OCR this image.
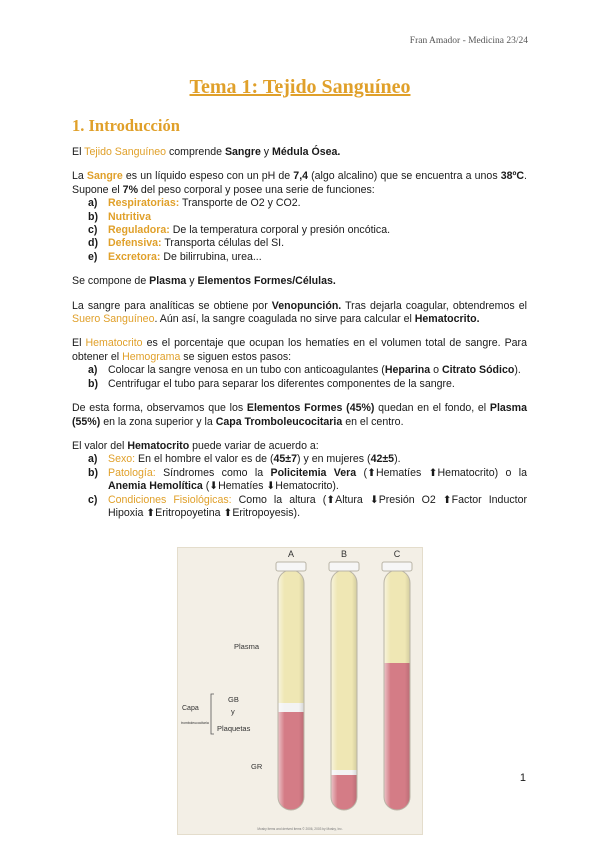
Fran Amador - Medicina 23/24
Tema 1: Tejido Sanguíneo
1. Introducción

El Tejido Sanguíneo comprende Sangre y Médula Ósea.

La Sangre es un líquido espeso con un pH de 7,4 (algo alcalino) que se encuentra a unos 38ºC. Supone el 7% del peso corporal y posee una serie de funciones:

a) Respiratorias: Transporte de O2 y CO2.
b) Nutritiva
c) Reguladora: De la temperatura corporal y presión oncótica.
d) Defensiva: Transporta células del SI.
e) Excretora: De bilirrubina, urea...

Se compone de Plasma y Elementos Formes/Células.

La sangre para analíticas se obtiene por Venopunción. Tras dejarla coagular, obtendremos el Suero Sanguíneo. Aún así, la sangre coagulada no sirve para calcular el Hematocrito.

El Hematocrito es el porcentaje que ocupan los hematíes en el volumen total de sangre. Para obtener el Hemograma se siguen estos pasos:

a) Colocar la sangre venosa en un tubo con anticoagulantes (Heparina o Citrato Sódico).
b) Centrifugar el tubo para separar los diferentes componentes de la sangre.

De esta forma, observamos que los Elementos Formes (45%) quedan en el fondo, el Plasma (55%) en la zona superior y la Capa Tromboleucocitaria en el centro.

El valor del Hematocrito puede variar de acuerdo a:

a) Sexo: En el hombre el valor es de (45±7) y en mujeres (42±5).
b) Patología: Síndromes como la Policitemia Vera (⬆Hematíes ⬆Hematocrito) o la Anemia Hemolítica (⬇Hematíes ⬇Hematocrito).
c) Condiciones Fisiológicas: Como la altura (⬆Altura ⬇Presión O2 ⬆Factor Inductor Hipoxia ⬆Eritropoyetina ⬆Eritropoyesis).
A	B	C
Plasma
Capa
tromboleucocitaria
GB
y
Plaquetas
GR
Mosby items and derived items © 2006, 2003 by Mosby, Inc.
1
